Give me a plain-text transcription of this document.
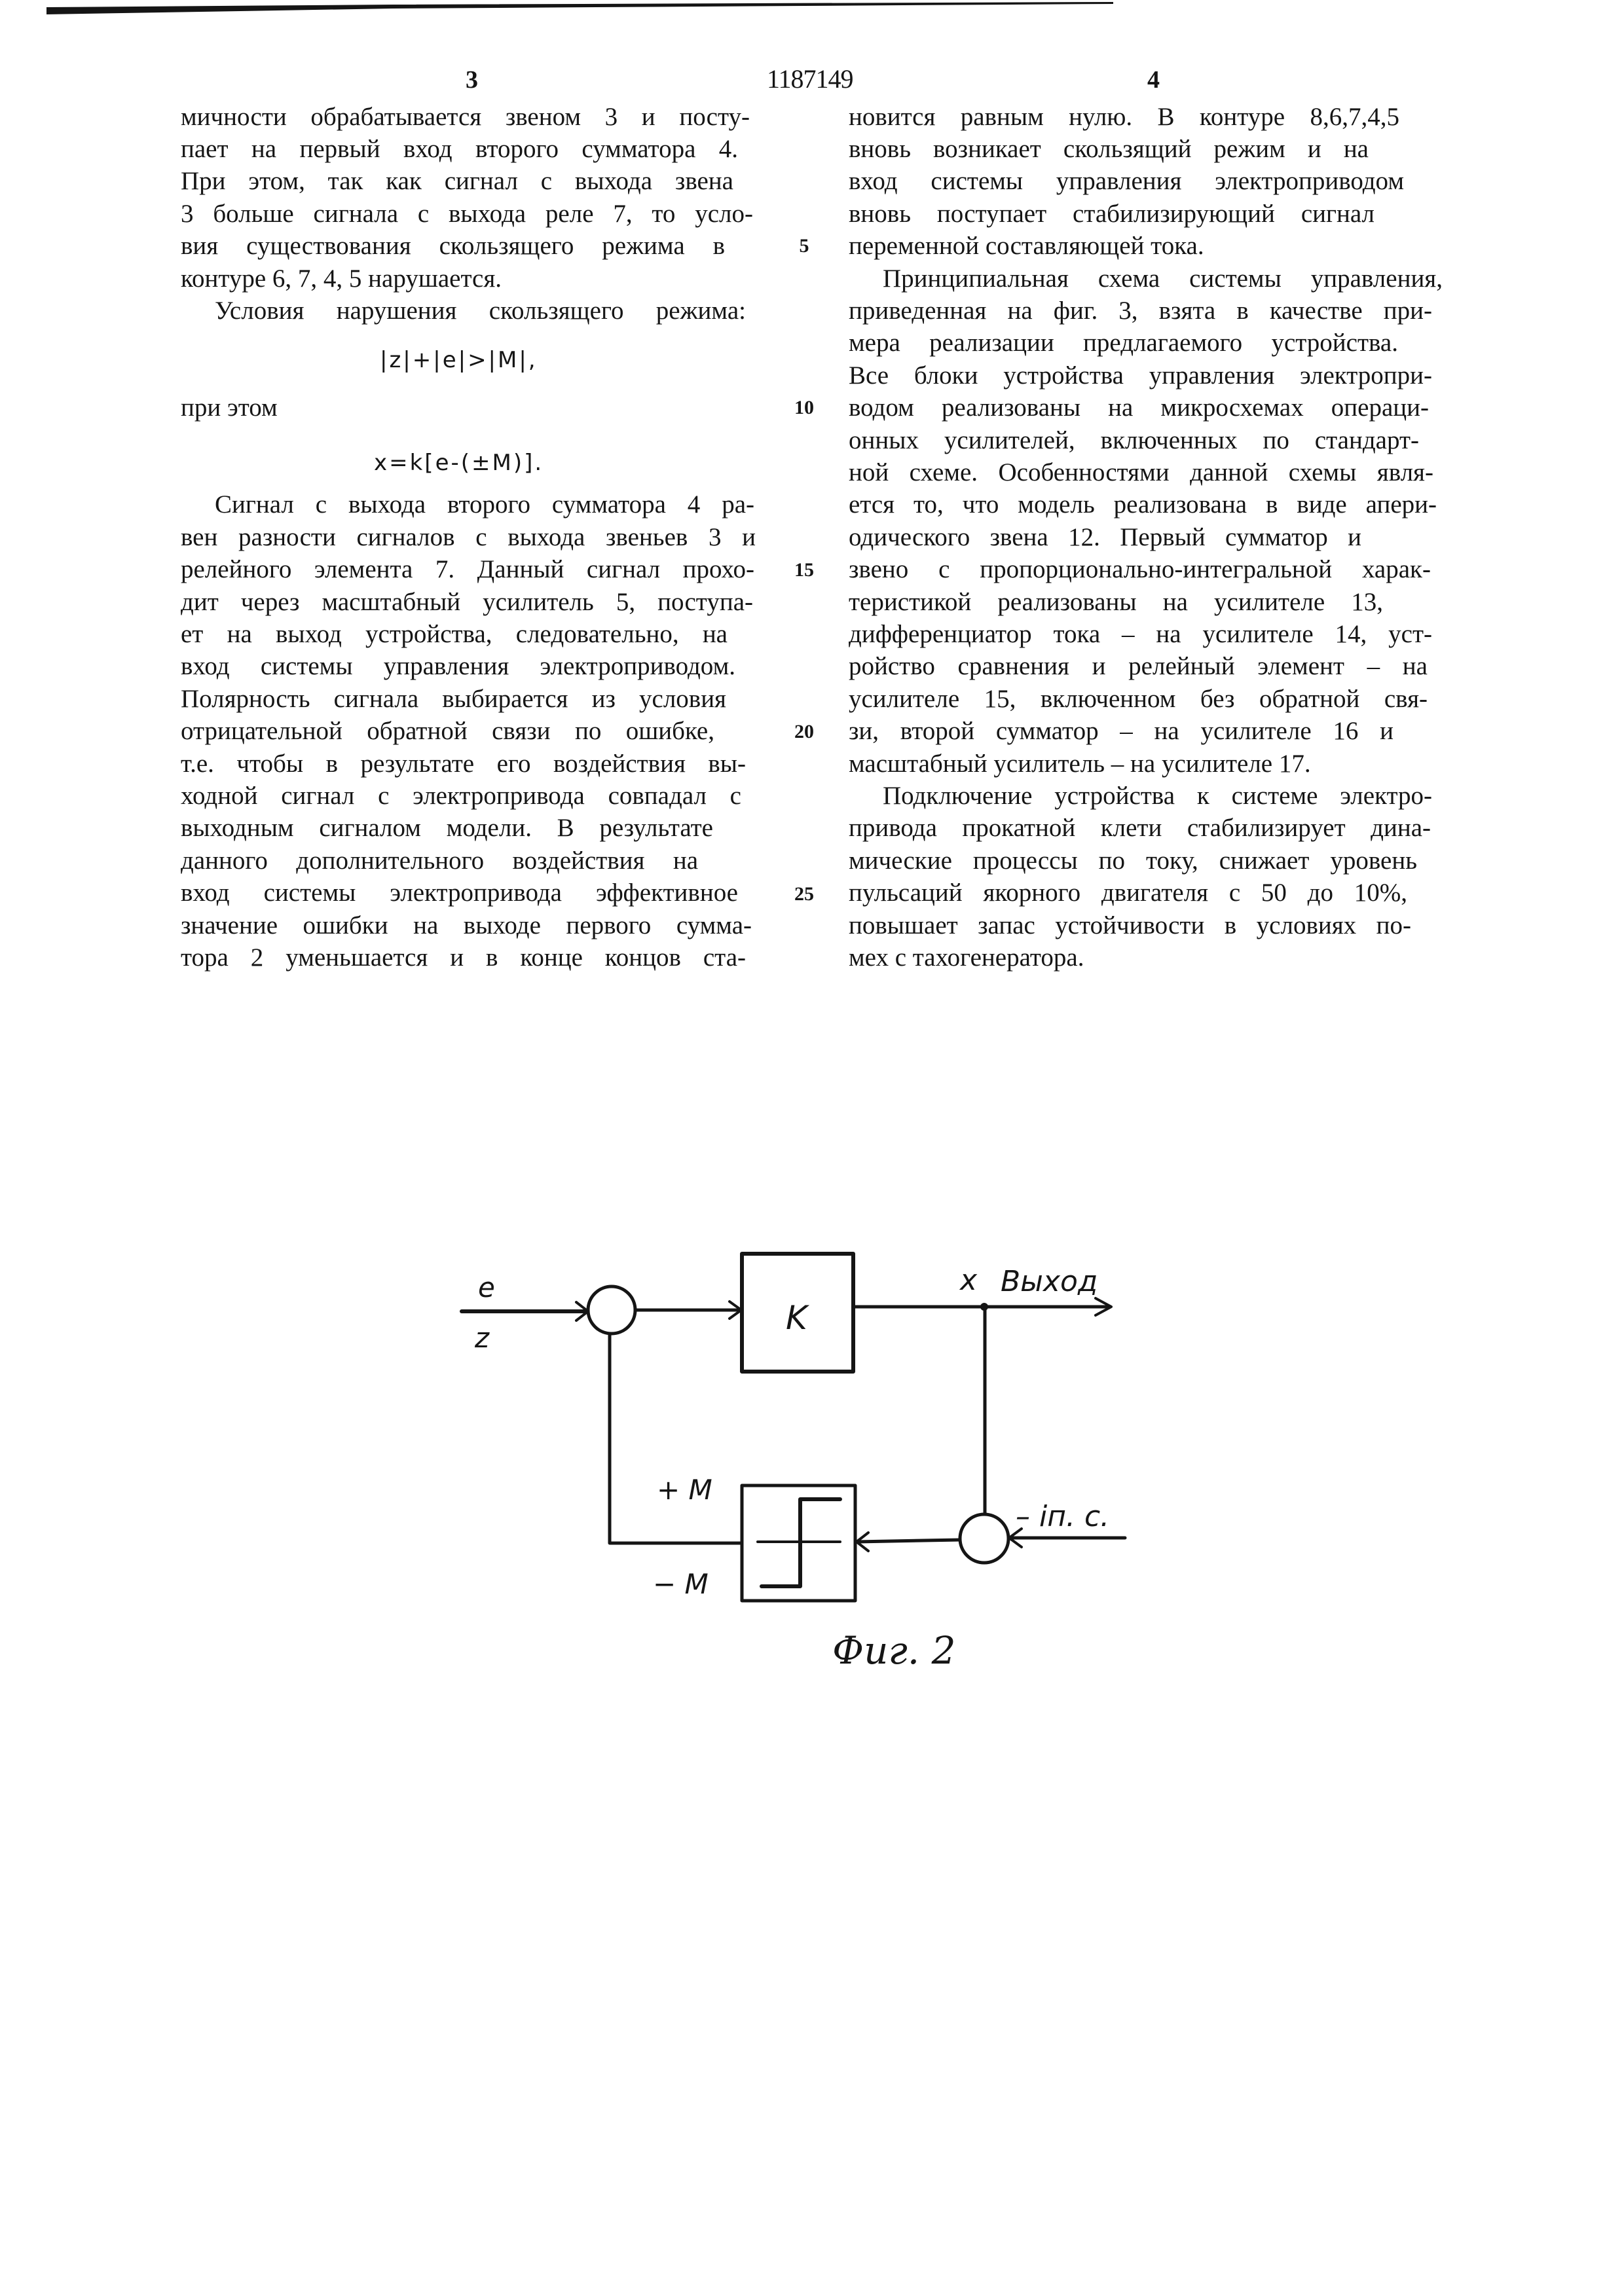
3	1187149	4
мичности обрабатывается звеном 3 и посту-
пает на первый вход второго сумматора 4.
При этом, так как сигнал с выхода звена
3 больше сигнала с выхода реле 7, то усло-
вия существования скользящего режима в
контуре 6, 7, 4, 5 нарушается.
Условия нарушения скользящего режима:
при этом
Сигнал с выхода второго сумматора 4 ра-
вен разности сигналов с выхода звеньев 3 и
релейного элемента 7. Данный сигнал прохо-
дит через масштабный усилитель 5, поступа-
ет на выход устройства, следовательно, на
вход системы управления электроприводом.
Полярность сигнала выбирается из условия
отрицательной обратной связи по ошибке,
т.е. чтобы в результате его воздействия вы-
ходной сигнал с электропривода совпадал с
выходным сигналом модели. В результате
данного дополнительного воздействия на
вход системы электропривода эффективное
значение ошибки на выходе первого сумма-
тора 2 уменьшается и в конце концов ста-
новится равным нулю. В контуре 8,6,7,4,5
вновь возникает скользящий режим и на
вход системы управления электроприводом
вновь поступает стабилизирующий сигнал
переменной составляющей тока.
Принципиальная схема системы управления,
приведенная на фиг. 3, взята в качестве при-
мера реализации предлагаемого устройства.
Все блоки устройства управления электропри-
водом реализованы на микросхемах операци-
онных усилителей, включенных по стандарт-
ной схеме. Особенностями данной схемы явля-
ется то, что модель реализована в виде апери-
одического звена 12. Первый сумматор и
звено с пропорционально-интегральной харак-
теристикой реализованы на усилителе 13,
дифференциатор тока – на усилителе 14, уст-
ройство сравнения и релейный элемент – на
усилителе 15, включенном без обратной свя-
зи, второй сумматор – на усилителе 16 и
масштабный усилитель – на усилителе 17.
Подключение устройства к системе электро-
привода прокатной клети стабилизирует дина-
мические процессы по току, снижает уровень
пульсаций якорного двигателя с 50 до 10%,
повышает запас устойчивости в условиях по-
мех с тахогенератора.
|z|+|e|>|M|,
x=k[e-(±M)].
5
10
15
20
25
K
x Выход
e
z
– iп. с.
+ M
− M
Фиг. 2
